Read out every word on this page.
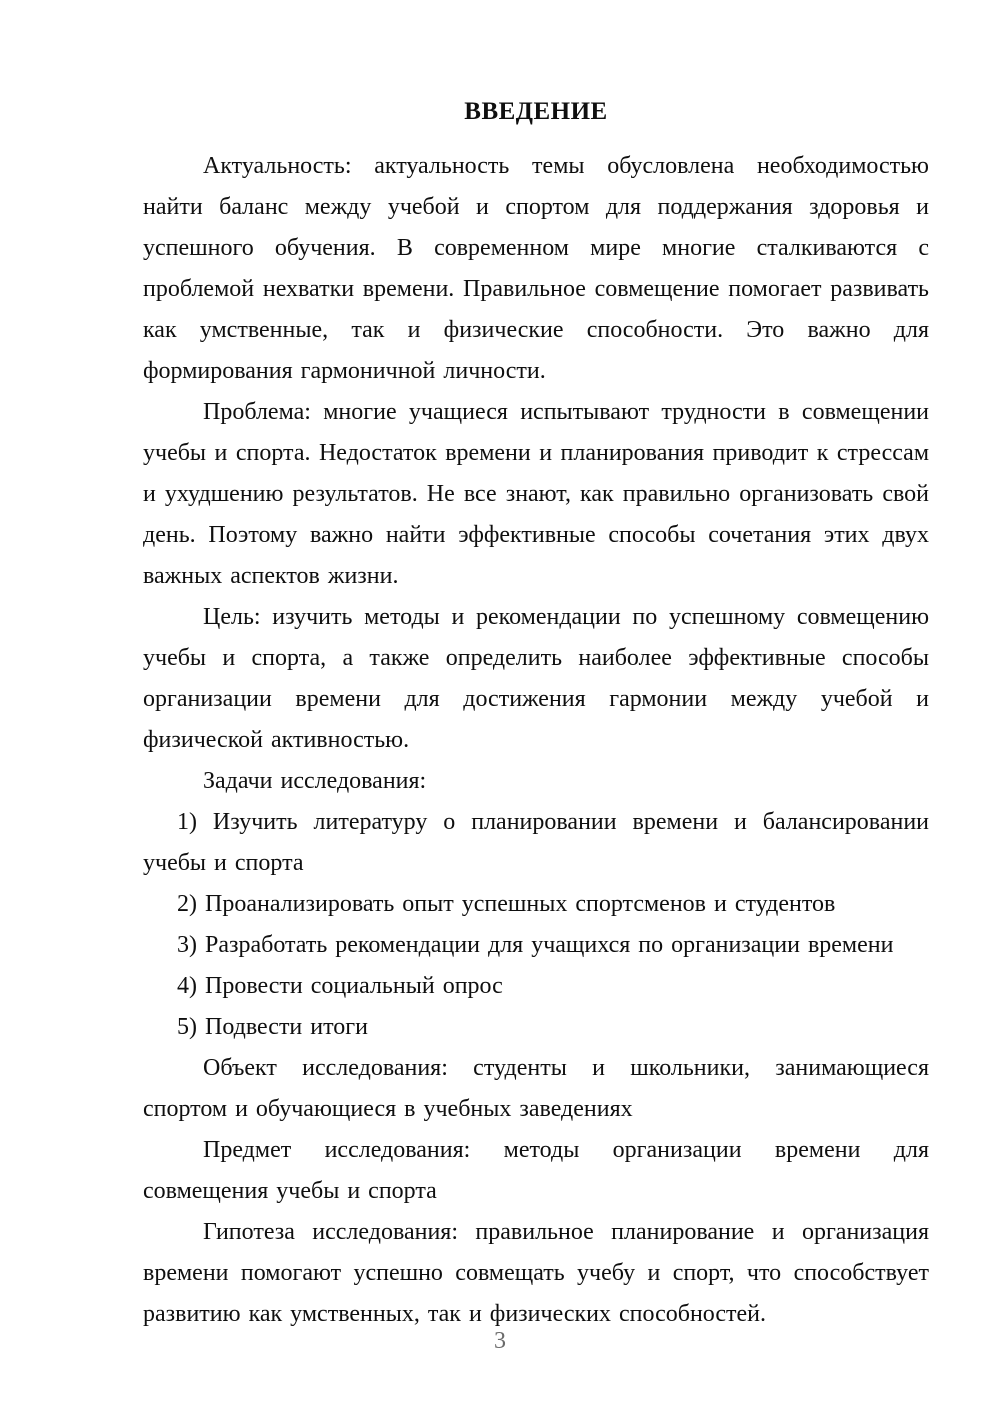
ВВЕДЕНИЕ

Актуальность: актуальность темы обусловлена необходимостью найти баланс между учебой и спортом для поддержания здоровья и успешного обучения. В современном мире многие сталкиваются с проблемой нехватки времени. Правильное совмещение помогает развивать как умственные, так и физические способности. Это важно для формирования гармоничной личности.

Проблема: многие учащиеся испытывают трудности в совмещении учебы и спорта. Недостаток времени и планирования приводит к стрессам и ухудшению результатов. Не все знают, как правильно организовать свой день. Поэтому важно найти эффективные способы сочетания этих двух важных аспектов жизни.

Цель: изучить методы и рекомендации по успешному совмещению учебы и спорта, а также определить наиболее эффективные способы организации времени для достижения гармонии между учебой и физической активностью.

Задачи исследования:

1) Изучить литературу о планировании времени и балансировании учебы и спорта

2) Проанализировать опыт успешных спортсменов и студентов

3) Разработать рекомендации для учащихся по организации времени

4) Провести социальный опрос

5) Подвести итоги

Объект исследования: студенты и школьники, занимающиеся спортом и обучающиеся в учебных заведениях

Предмет исследования: методы организации времени для совмещения учебы и спорта

Гипотеза исследования: правильное планирование и организация времени помогают успешно совмещать учебу и спорт, что способствует развитию как умственных, так и физических способностей.

3
